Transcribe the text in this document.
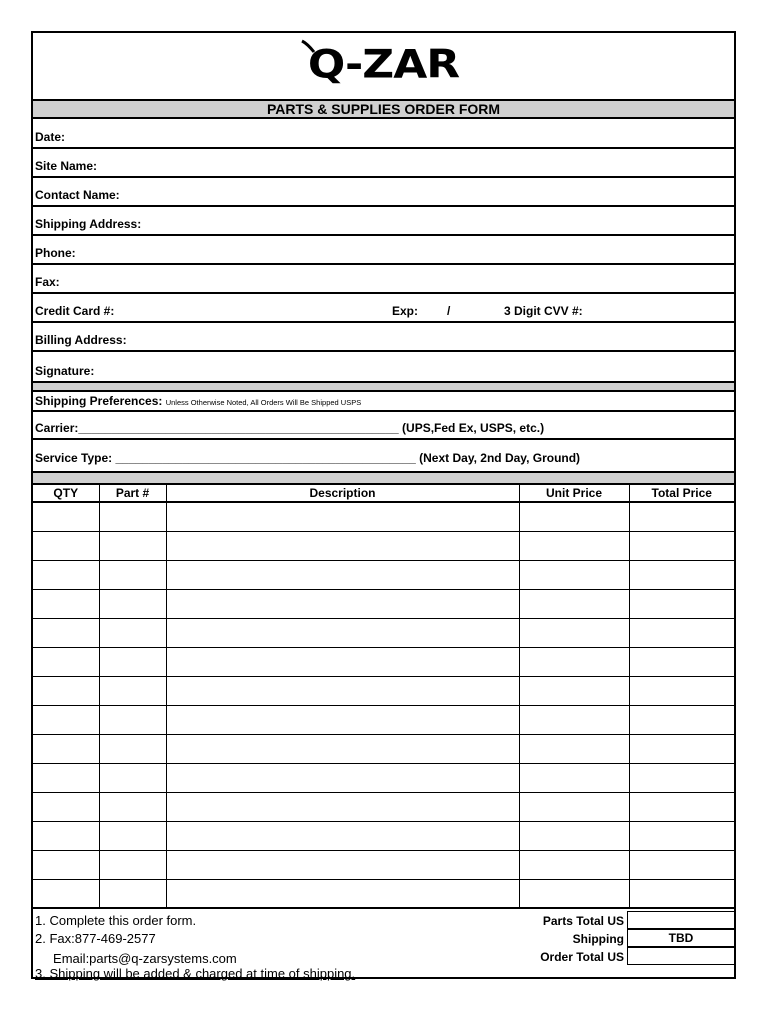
Q-ZAR
PARTS & SUPPLIES ORDER FORM
Date:
Site Name:
Contact Name:
Shipping Address:
Phone:
Fax:
Credit Card #:	Exp: /	3 Digit CVV #:
Billing Address:
Signature:
Shipping Preferences: Unless Otherwise Noted, All Orders Will Be Shipped USPS
Carrier:________________________________________________ (UPS,Fed Ex, USPS, etc.)
Service Type: _____________________________________________ (Next Day, 2nd Day, Ground)
QTY	Part #	Description	Unit Price	Total Price

1. Complete this order form.
2. Fax:877-469-2577
Email:parts@q-zarsystems.com
3. Shipping will be added & charged at time of shipping.
Parts Total US
Shipping	TBD
Order Total US
